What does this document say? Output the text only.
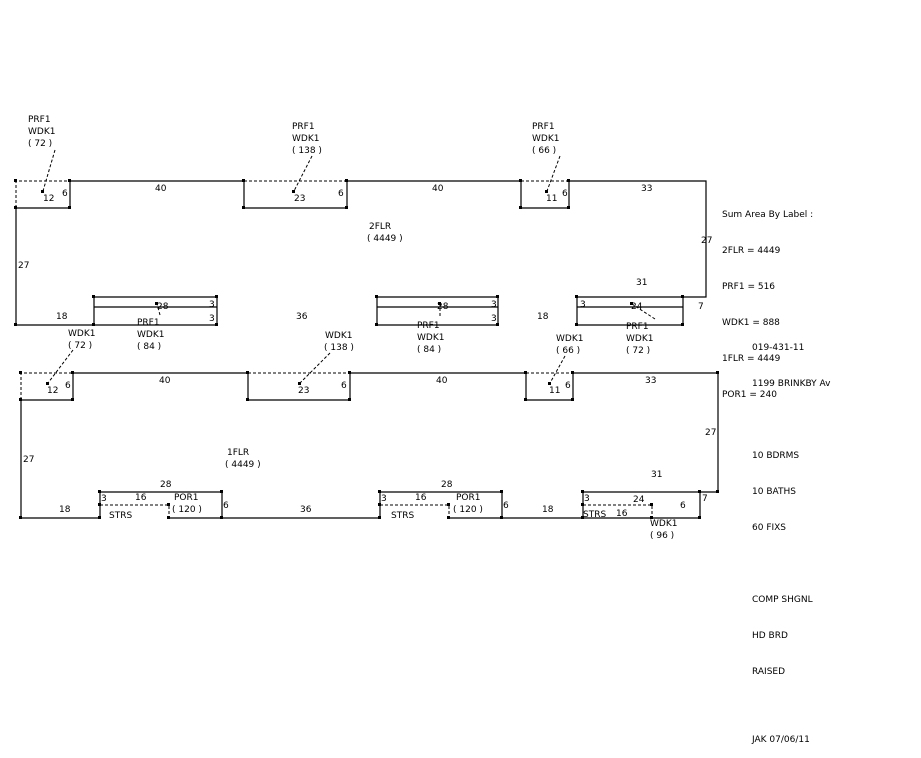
PRF1
WDK1
( 72 )
PRF1
WDK1
( 138 )
PRF1
WDK1
( 66 )
PRF1
WDK1
( 84 )
PRF1
WDK1
( 84 )
PRF1
WDK1
( 72 )
2FLR
( 4449 )
40	40	33
27
27
18	36	18
31
7
6
12	6
23	6
11
28	3
3
28	3
3
24
3
WDK1
( 72 )
WDK1
( 138 )
WDK1
( 66 )
WDK1
( 96 )
POR1
( 120 )
POR1
( 120 )
STRS	STRS	STRS
1FLR
( 4449 )
40	40	33
27
27
31
7
18	36	18
6
12	6
23	6
11
28
16
3
6
28
16
3
6
24
16
3
6

Sum Area By Label :

2FLR = 4449

PRF1 = 516

WDK1 = 888

1FLR = 4449

POR1 = 240

019-431-11

1199 BRINKBY Av

10 BDRMS

10 BATHS

60 FIXS

COMP SHGNL

HD BRD

RAISED

JAK 07/06/11
